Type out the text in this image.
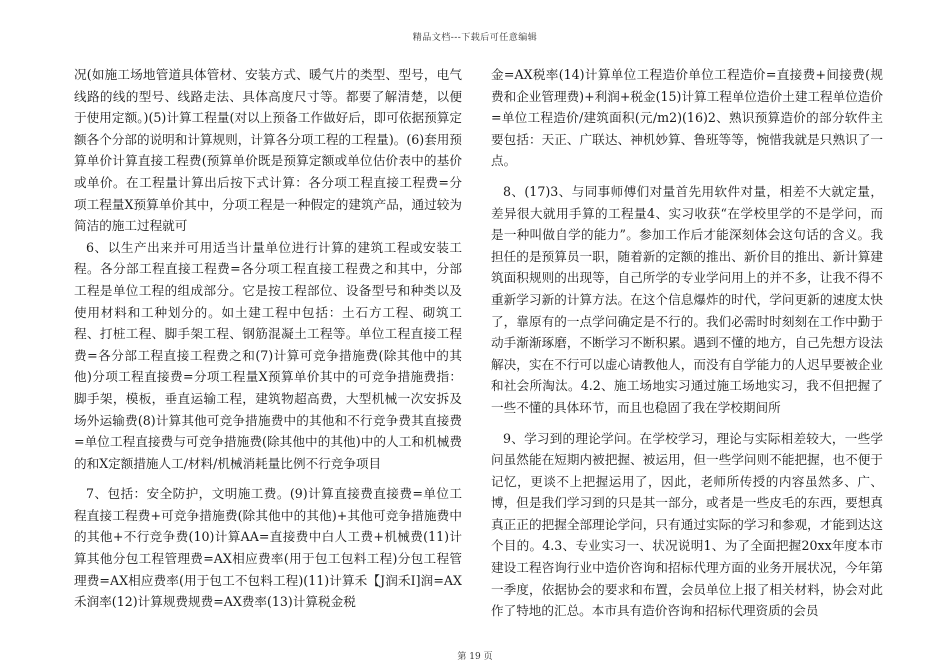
精品文档---下载后可任意编辑

况(如施工场地管道具体管材、安装方式、暖气片的类型、型号，电气线路的线的型号、线路走法、具体高度尺寸等。都要了解清楚，以便于使用定额。)(5)计算工程量(对以上预备工作做好后，即可依据预算定额各个分部的说明和计算规则，计算各分项工程的工程量)。(6)套用预算单价计算直接工程费(预算单价既是预算定额或单位估价表中的基价或单价。在工程量计算出后按下式计算：各分项工程直接工程费=分项工程量X预算单价其中，分项工程是一种假定的建筑产品，通过较为简洁的施工过程就可

6、以生产出来并可用适当计量单位进行计算的建筑工程或安装工程。各分部工程直接工程费=各分项工程直接工程费之和其中，分部工程是单位工程的组成部分。它是按工程部位、设备型号和种类以及使用材料和工种划分的。如土建工程中包括：土石方工程、砌筑工程、打桩工程、脚手架工程、钢筋混凝土工程等。单位工程直接工程费=各分部工程直接工程费之和(7)计算可竞争措施费(除其他中的其他)分项工程直接费=分项工程量X预算单价其中的可竞争措施费指：脚手架，模板，垂直运输工程，建筑物超高费，大型机械一次安拆及场外运输费(8)计算其他可竞争措施费中的其他和不行竞争费其直接费=单位工程直接费与可竞争措施费(除其他中的其他)中的人工和机械费的和X定额措施人工/材料/机械消耗量比例不行竞争项目

7、包括：安全防护，文明施工费。(9)计算直接费直接费=单位工程直接工程费+可竞争措施费(除其他中的其他)+其他可竞争措施费中的其他+不行竞争费(10)计算AA=直接费中白人工费+机械费(11)计算其他分包工程管理费=AX相应费率(用于包工包料工程)分包工程管理费=AX相应费率(用于包工不包料工程)(11)计算禾【J润禾I]润=AX禾润率(12)计算规费规费=AX费率(13)计算税金税

金=AX税率(14)计算单位工程造价单位工程造价=直接费+间接费(规费和企业管理费)+利润+税金(15)计算工程单位造价土建工程单位造价=单位工程造价/建筑面积(元/m2)(16)2、熟识预算造价的部分软件主要包括：天正、广联达、神机妙算、鲁班等等，惋惜我就是只熟识了一点。

8、(17)3、与同事师傅们对量首先用软件对量，相差不大就定量，差异很大就用手算的工程量4、实习收获“在学校里学的不是学问，而是一种叫做自学的能力”。参加工作后才能深刻体会这句话的含义。我担任的是预算员一职，随着新的定额的推出、新价目的推出、新计算建筑面积规则的出现等，自己所学的专业学问用上的并不多，让我不得不重新学习新的计算方法。在这个信息爆炸的时代，学问更新的速度太快了，靠原有的一点学问确定是不行的。我们必需时时刻刻在工作中勤于动手渐渐琢磨，不断学习不断积累。遇到不懂的地方，自己先想方设法解决，实在不行可以虚心请教他人，而没有自学能力的人迟早要被企业和社会所淘汰。4.2、施工场地实习通过施工场地实习，我不但把握了一些不懂的具体环节，而且也稳固了我在学校期间所

9、学习到的理论学问。在学校学习，理论与实际相差较大，一些学问虽然能在短期内被把握、被运用，但一些学问则不能把握，也不便于记忆，更谈不上把握运用了，因此，老师所传授的内容虽然多、广、博，但是我们学习到的只是其一部分，或者是一些皮毛的东西，要想真真正正的把握全部理论学问，只有通过实际的学习和参观，才能到达这个目的。4.3、专业实习一、状况说明1、为了全面把握20xx年度本市建设工程咨询行业中造价咨询和招标代理方面的业务开展状况，今年第一季度，依据协会的要求和布置，会员单位上报了相关材料，协会对此作了特地的汇总。本市具有造价咨询和招标代理资质的会员

第 19 页
